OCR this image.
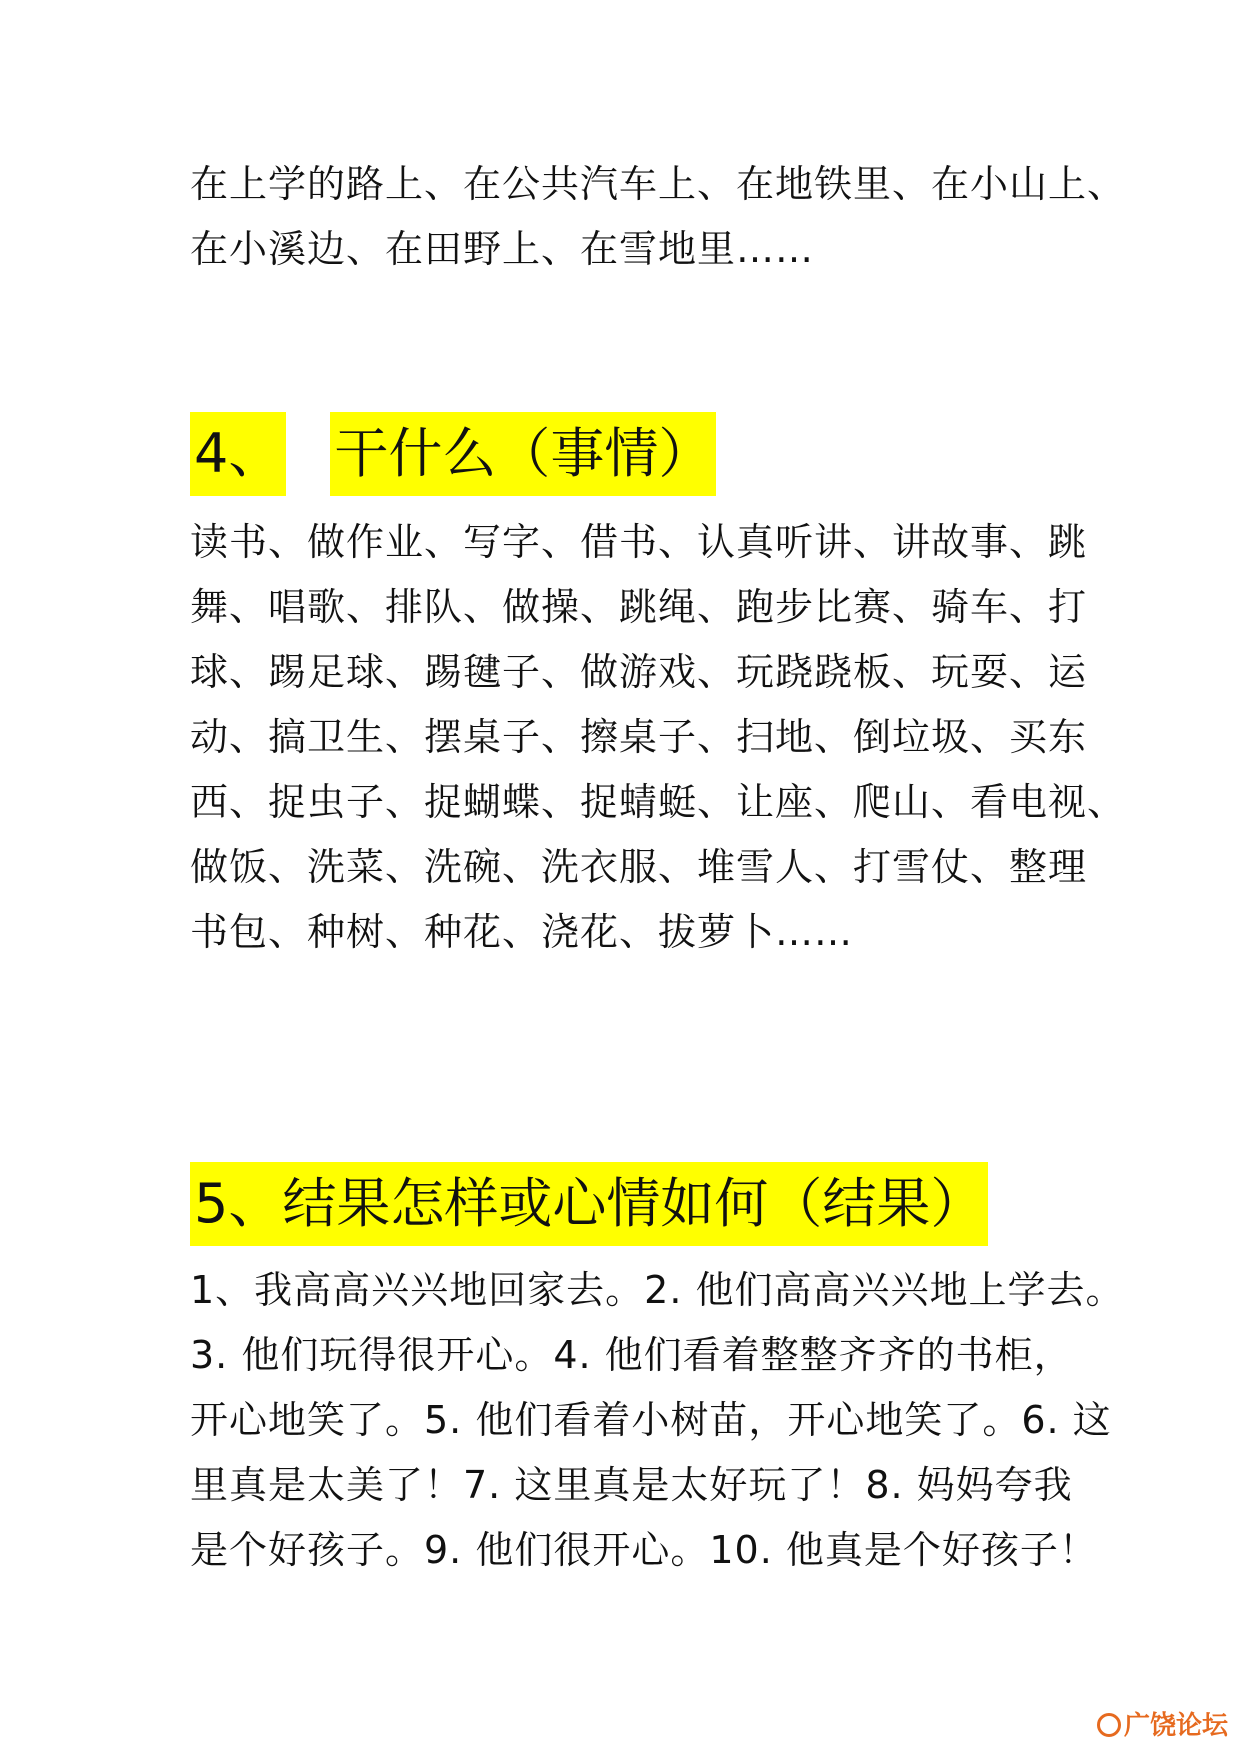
在上学的路上、在公共汽车上、在地铁里、在小山上、
在小溪边、在田野上、在雪地里……
4、 干什么（事情）
读书、做作业、写字、借书、认真听讲、讲故事、跳
舞、唱歌、排队、做操、跳绳、跑步比赛、骑车、打
球、踢足球、踢毽子、做游戏、玩跷跷板、玩耍、运
动、搞卫生、摆桌子、擦桌子、扫地、倒垃圾、买东
西、捉虫子、捉蝴蝶、捉蜻蜓、让座、爬山、看电视、
做饭、洗菜、洗碗、洗衣服、堆雪人、打雪仗、整理
书包、种树、种花、浇花、拔萝卜……
5、结果怎样或心情如何（结果）
1、我高高兴兴地回家去。2. 他们高高兴兴地上学去。
3. 他们玩得很开心。4. 他们看着整整齐齐的书柜，
开心地笑了。5. 他们看着小树苗，开心地笑了。6. 这
里真是太美了！7. 这里真是太好玩了！8. 妈妈夸我
是个好孩子。9. 他们很开心。10. 他真是个好孩子！
广饶论坛
